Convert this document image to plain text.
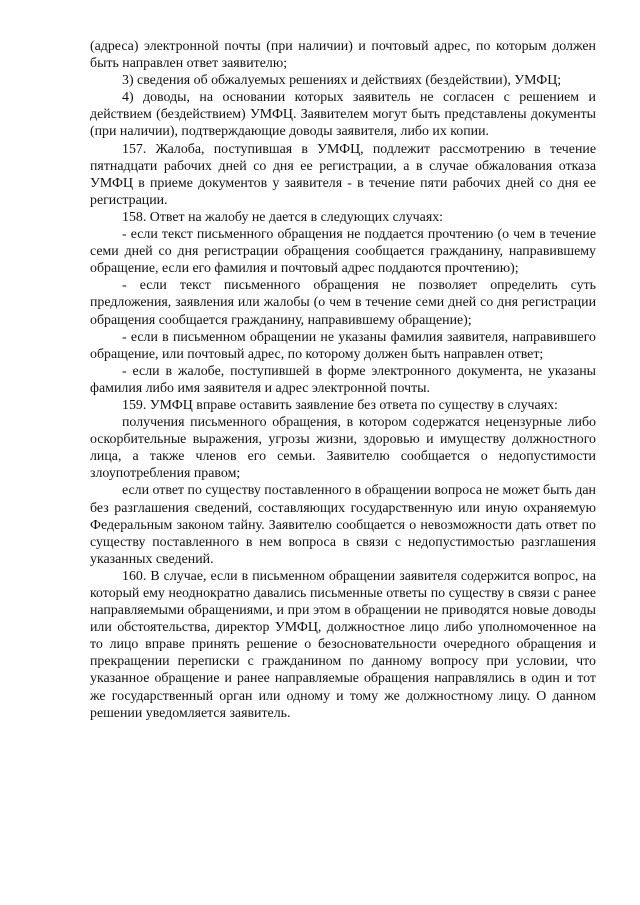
(адреса) электронной почты (при наличии) и почтовый адрес, по которым должен быть направлен ответ заявителю;

3) сведения об обжалуемых решениях и действиях (бездействии), УМФЦ;

4) доводы, на основании которых заявитель не согласен с решением и действием (бездействием) УМФЦ. Заявителем могут быть представлены документы (при наличии), подтверждающие доводы заявителя, либо их копии.

157. Жалоба, поступившая в УМФЦ, подлежит рассмотрению в течение пятнадцати рабочих дней со дня ее регистрации, а в случае обжалования отказа УМФЦ в приеме документов у заявителя - в течение пяти рабочих дней со дня ее регистрации.

158. Ответ на жалобу не дается в следующих случаях:

- если текст письменного обращения не поддается прочтению (о чем в течение семи дней со дня регистрации обращения сообщается гражданину, направившему обращение, если его фамилия и почтовый адрес поддаются прочтению);

- если текст письменного обращения не позволяет определить суть предложения, заявления или жалобы (о чем в течение семи дней со дня регистрации обращения сообщается гражданину, направившему обращение);

- если в письменном обращении не указаны фамилия заявителя, направившего обращение, или почтовый адрес, по которому должен быть направлен ответ;

- если в жалобе, поступившей в форме электронного документа, не указаны фамилия либо имя заявителя и адрес электронной почты.

159. УМФЦ вправе оставить заявление без ответа по существу в случаях:

получения письменного обращения, в котором содержатся нецензурные либо оскорбительные выражения, угрозы жизни, здоровью и имуществу должностного лица, а также членов его семьи. Заявителю сообщается о недопустимости злоупотребления правом;

если ответ по существу поставленного в обращении вопроса не может быть дан без разглашения сведений, составляющих государственную или иную охраняемую Федеральным законом тайну. Заявителю сообщается о невозможности дать ответ по существу поставленного в нем вопроса в связи с недопустимостью разглашения указанных сведений.

160. В случае, если в письменном обращении заявителя содержится вопрос, на который ему неоднократно давались письменные ответы по существу в связи с ранее направляемыми обращениями, и при этом в обращении не приводятся новые доводы или обстоятельства, директор УМФЦ, должностное лицо либо уполномоченное на то лицо вправе принять решение о безосновательности очередного обращения и прекращении переписки с гражданином по данному вопросу при условии, что указанное обращение и ранее направляемые обращения направлялись в один и тот же государственный орган или одному и тому же должностному лицу. О данном решении уведомляется заявитель.
